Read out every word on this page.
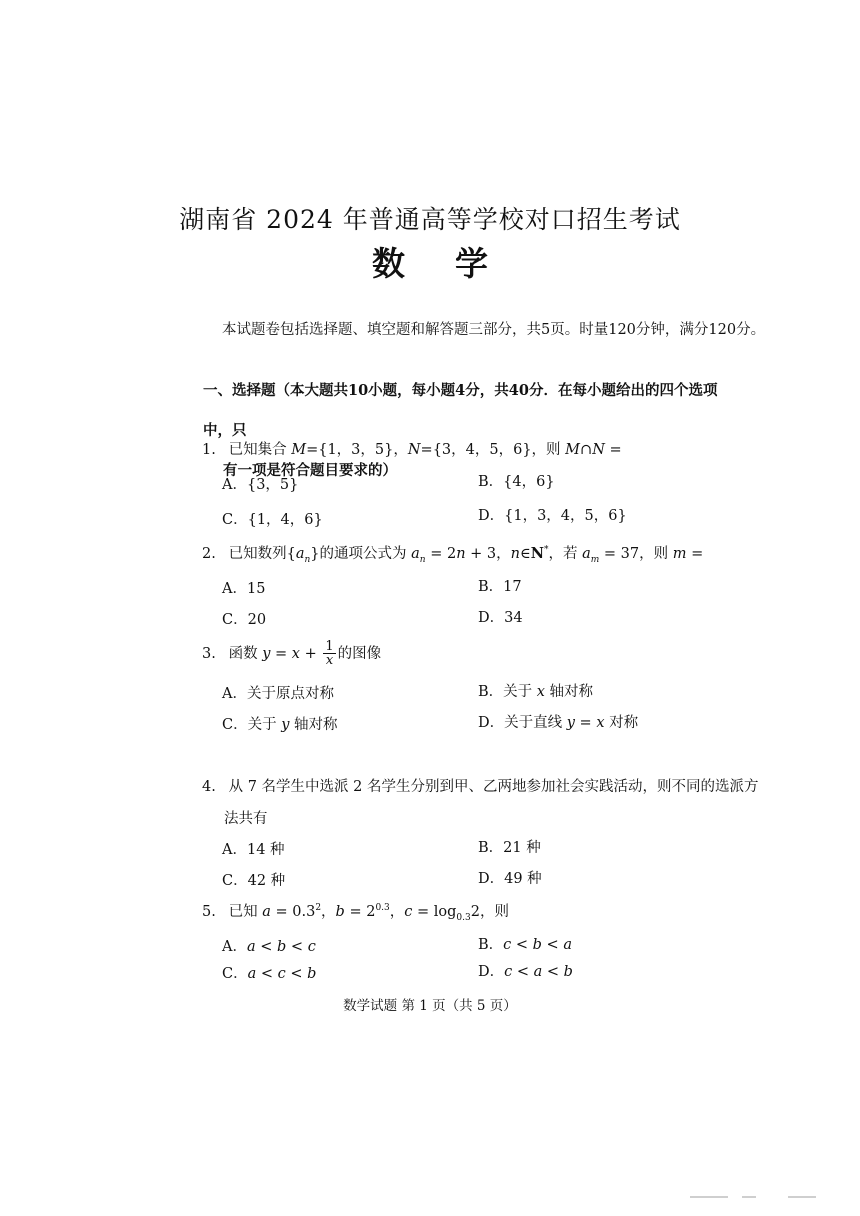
湖南省 2024 年普通高等学校对口招生考试
数学
本试题卷包括选择题、填空题和解答题三部分，共5页。时量120分钟，满分120分。
一、选择题（本大题共10小题，每小题4分，共40分．在每小题给出的四个选项中，只
有一项是符合题目要求的）
1. 已知集合 M={1，3，5}，N={3，4，5，6}，则 M∩N =
A．{3，5}	B．{4，6}
C．{1，4，6}	D．{1，3，4，5，6}
2. 已知数列$\{a_n\}$的通项公式为 $a_n = 2n + 3$，n∈N*，若 $a_m = 37$，则 m =
A．15	B．17
C．20	D．34
3. 函数 $y = x + \frac{1}{x}$ 的图像
A．关于原点对称	B．关于 x 轴对称
C．关于 y 轴对称	D．关于直线 y = x 对称
4. 从 7 名学生中选派 2 名学生分别到甲、乙两地参加社会实践活动，则不同的选派方
法共有
A．14 种	B．21 种
C．42 种	D．49 种
5. 已知 $a = 0.3^2$，$b = 2^{0.3}$，$c = \log_{0.3}2$，则
A．a < b < c	B．c < b < a
C．a < c < b	D．c < a < b
数学试题 第 1 页（共 5 页）
